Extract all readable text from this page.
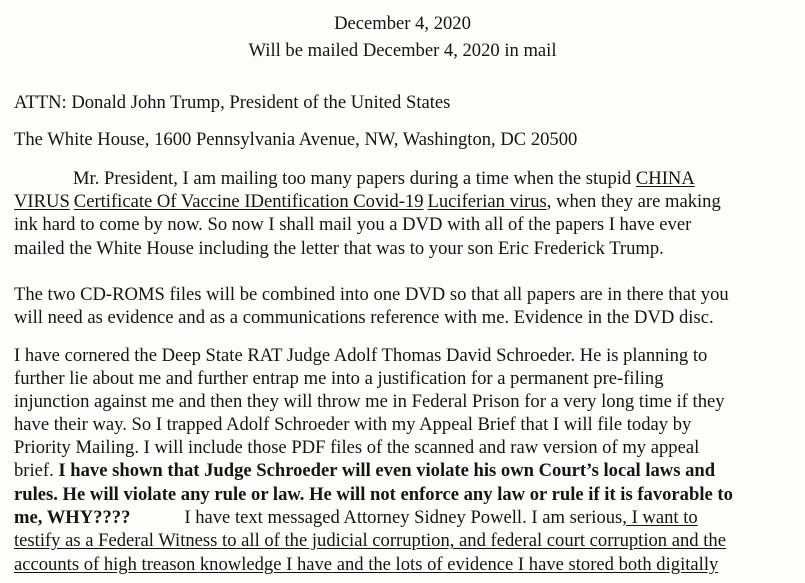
December 4, 2020
Will be mailed December 4, 2020 in mail
ATTN: Donald John Trump, President of the United States
The White House, 1600 Pennsylvania Avenue, NW, Washington, DC 20500
Mr. President, I am mailing too many papers during a time when the stupid CHINA
VIRUS Certificate Of Vaccine IDentification Covid-19 Luciferian virus, when they are making
ink hard to come by now. So now I shall mail you a DVD with all of the papers I have ever
mailed the White House including the letter that was to your son Eric Frederick Trump.
The two CD-ROMS files will be combined into one DVD so that all papers are in there that you
will need as evidence and as a communications reference with me. Evidence in the DVD disc.
I have cornered the Deep State RAT Judge Adolf Thomas David Schroeder. He is planning to
further lie about me and further entrap me into a justification for a permanent pre-filing
injunction against me and then they will throw me in Federal Prison for a very long time if they
have their way. So I trapped Adolf Schroeder with my Appeal Brief that I will file today by
Priority Mailing. I will include those PDF files of the scanned and raw version of my appeal
brief. I have shown that Judge Schroeder will even violate his own Court’s local laws and
rules. He will violate any rule or law. He will not enforce any law or rule if it is favorable to
me, WHY????	I have text messaged Attorney Sidney Powell. I am serious, I want to
testify as a Federal Witness to all of the judicial corruption, and federal court corruption and the
accounts of high treason knowledge I have and the lots of evidence I have stored both digitally
